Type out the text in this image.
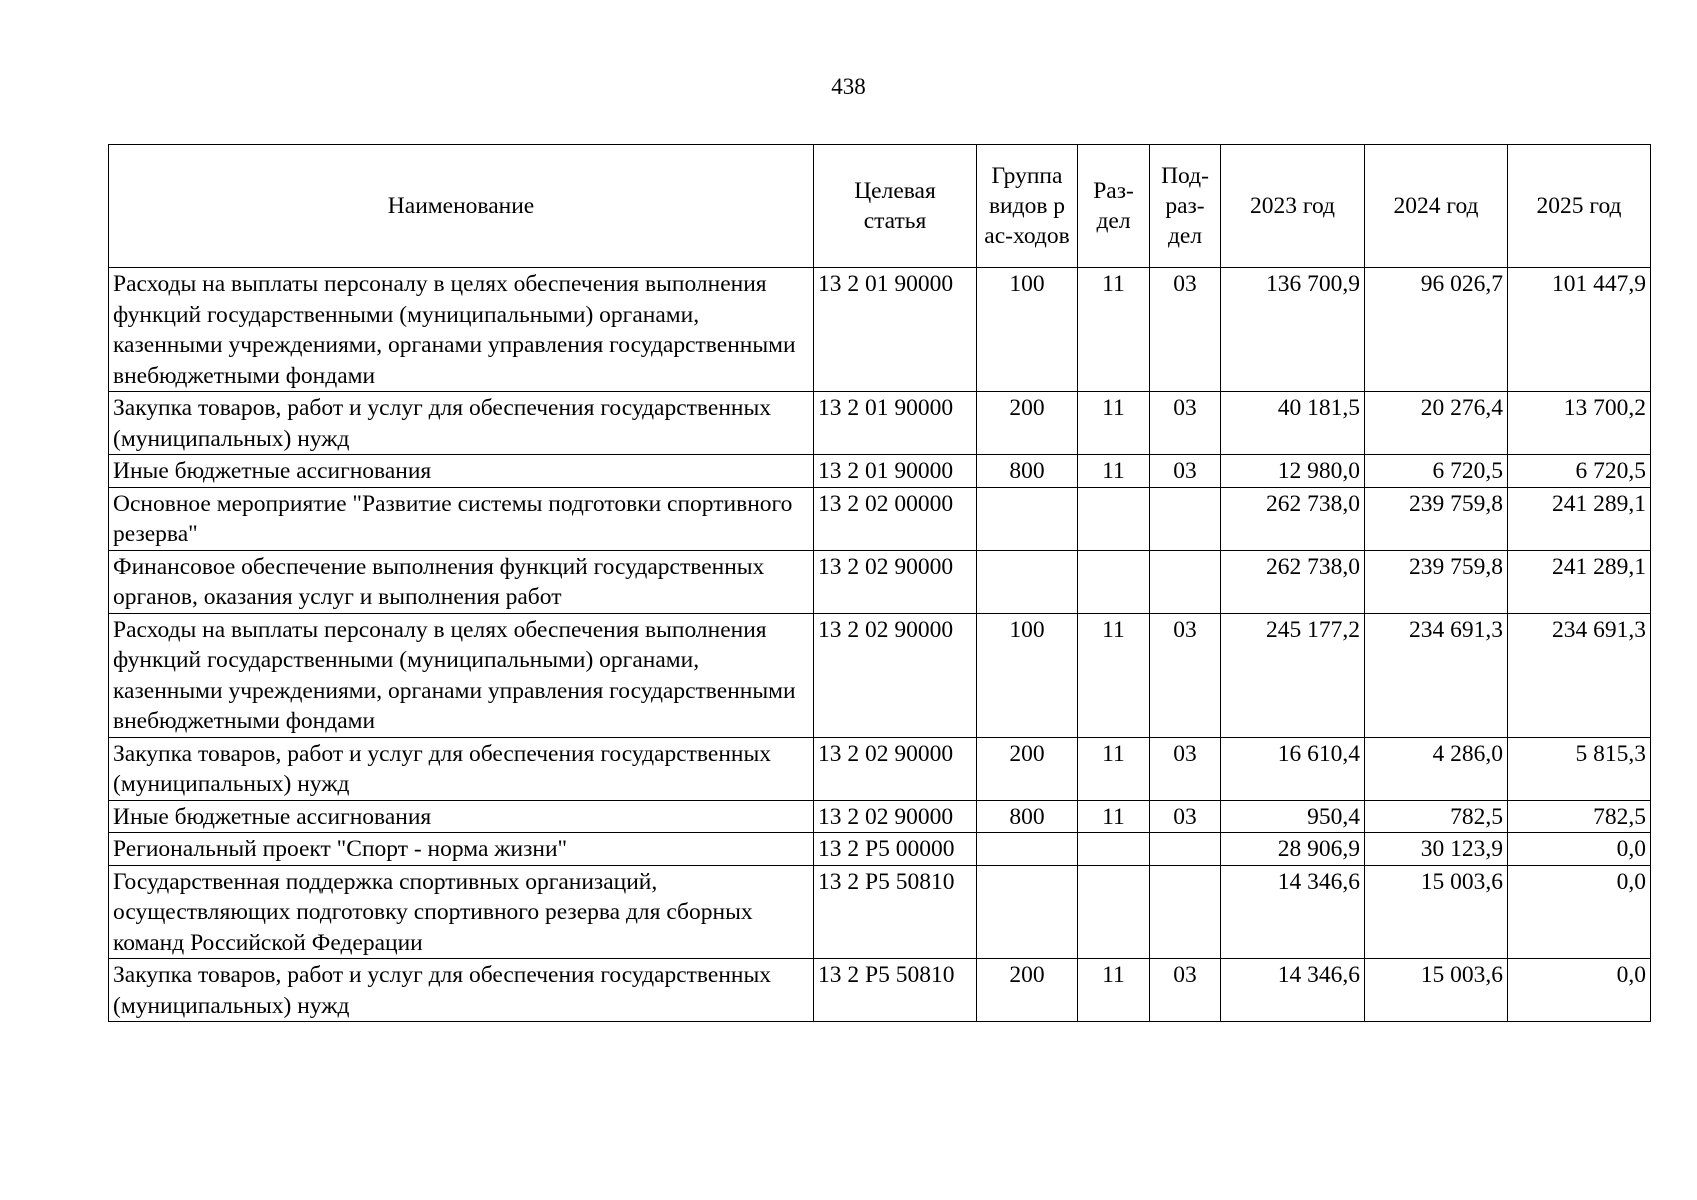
438
Наименование	Целевая статья	Группа видов рас-ходов	Раз-дел	Под-раз-дел	2023 год	2024 год	2025 год
Расходы на выплаты персоналу в целях обеспечения выполнения функций государственными (муниципальными) органами, казенными учреждениями, органами управления государственными внебюджетными фондами	13 2 01 90000	100	11	03	136 700,9	96 026,7	101 447,9
Закупка товаров, работ и услуг для обеспечения государственных (муниципальных) нужд	13 2 01 90000	200	11	03	40 181,5	20 276,4	13 700,2
Иные бюджетные ассигнования	13 2 01 90000	800	11	03	12 980,0	6 720,5	6 720,5
Основное мероприятие "Развитие системы подготовки спортивного резерва"	13 2 02 00000				262 738,0	239 759,8	241 289,1
Финансовое обеспечение выполнения функций государственных органов, оказания услуг и выполнения работ	13 2 02 90000				262 738,0	239 759,8	241 289,1
Расходы на выплаты персоналу в целях обеспечения выполнения функций государственными (муниципальными) органами, казенными учреждениями, органами управления государственными внебюджетными фондами	13 2 02 90000	100	11	03	245 177,2	234 691,3	234 691,3
Закупка товаров, работ и услуг для обеспечения государственных (муниципальных) нужд	13 2 02 90000	200	11	03	16 610,4	4 286,0	5 815,3
Иные бюджетные ассигнования	13 2 02 90000	800	11	03	950,4	782,5	782,5
Региональный проект "Спорт - норма жизни"	13 2 P5 00000				28 906,9	30 123,9	0,0
Государственная поддержка спортивных организаций, осуществляющих подготовку спортивного резерва для сборных команд Российской Федерации	13 2 P5 50810				14 346,6	15 003,6	0,0
Закупка товаров, работ и услуг для обеспечения государственных (муниципальных) нужд	13 2 P5 50810	200	11	03	14 346,6	15 003,6	0,0
